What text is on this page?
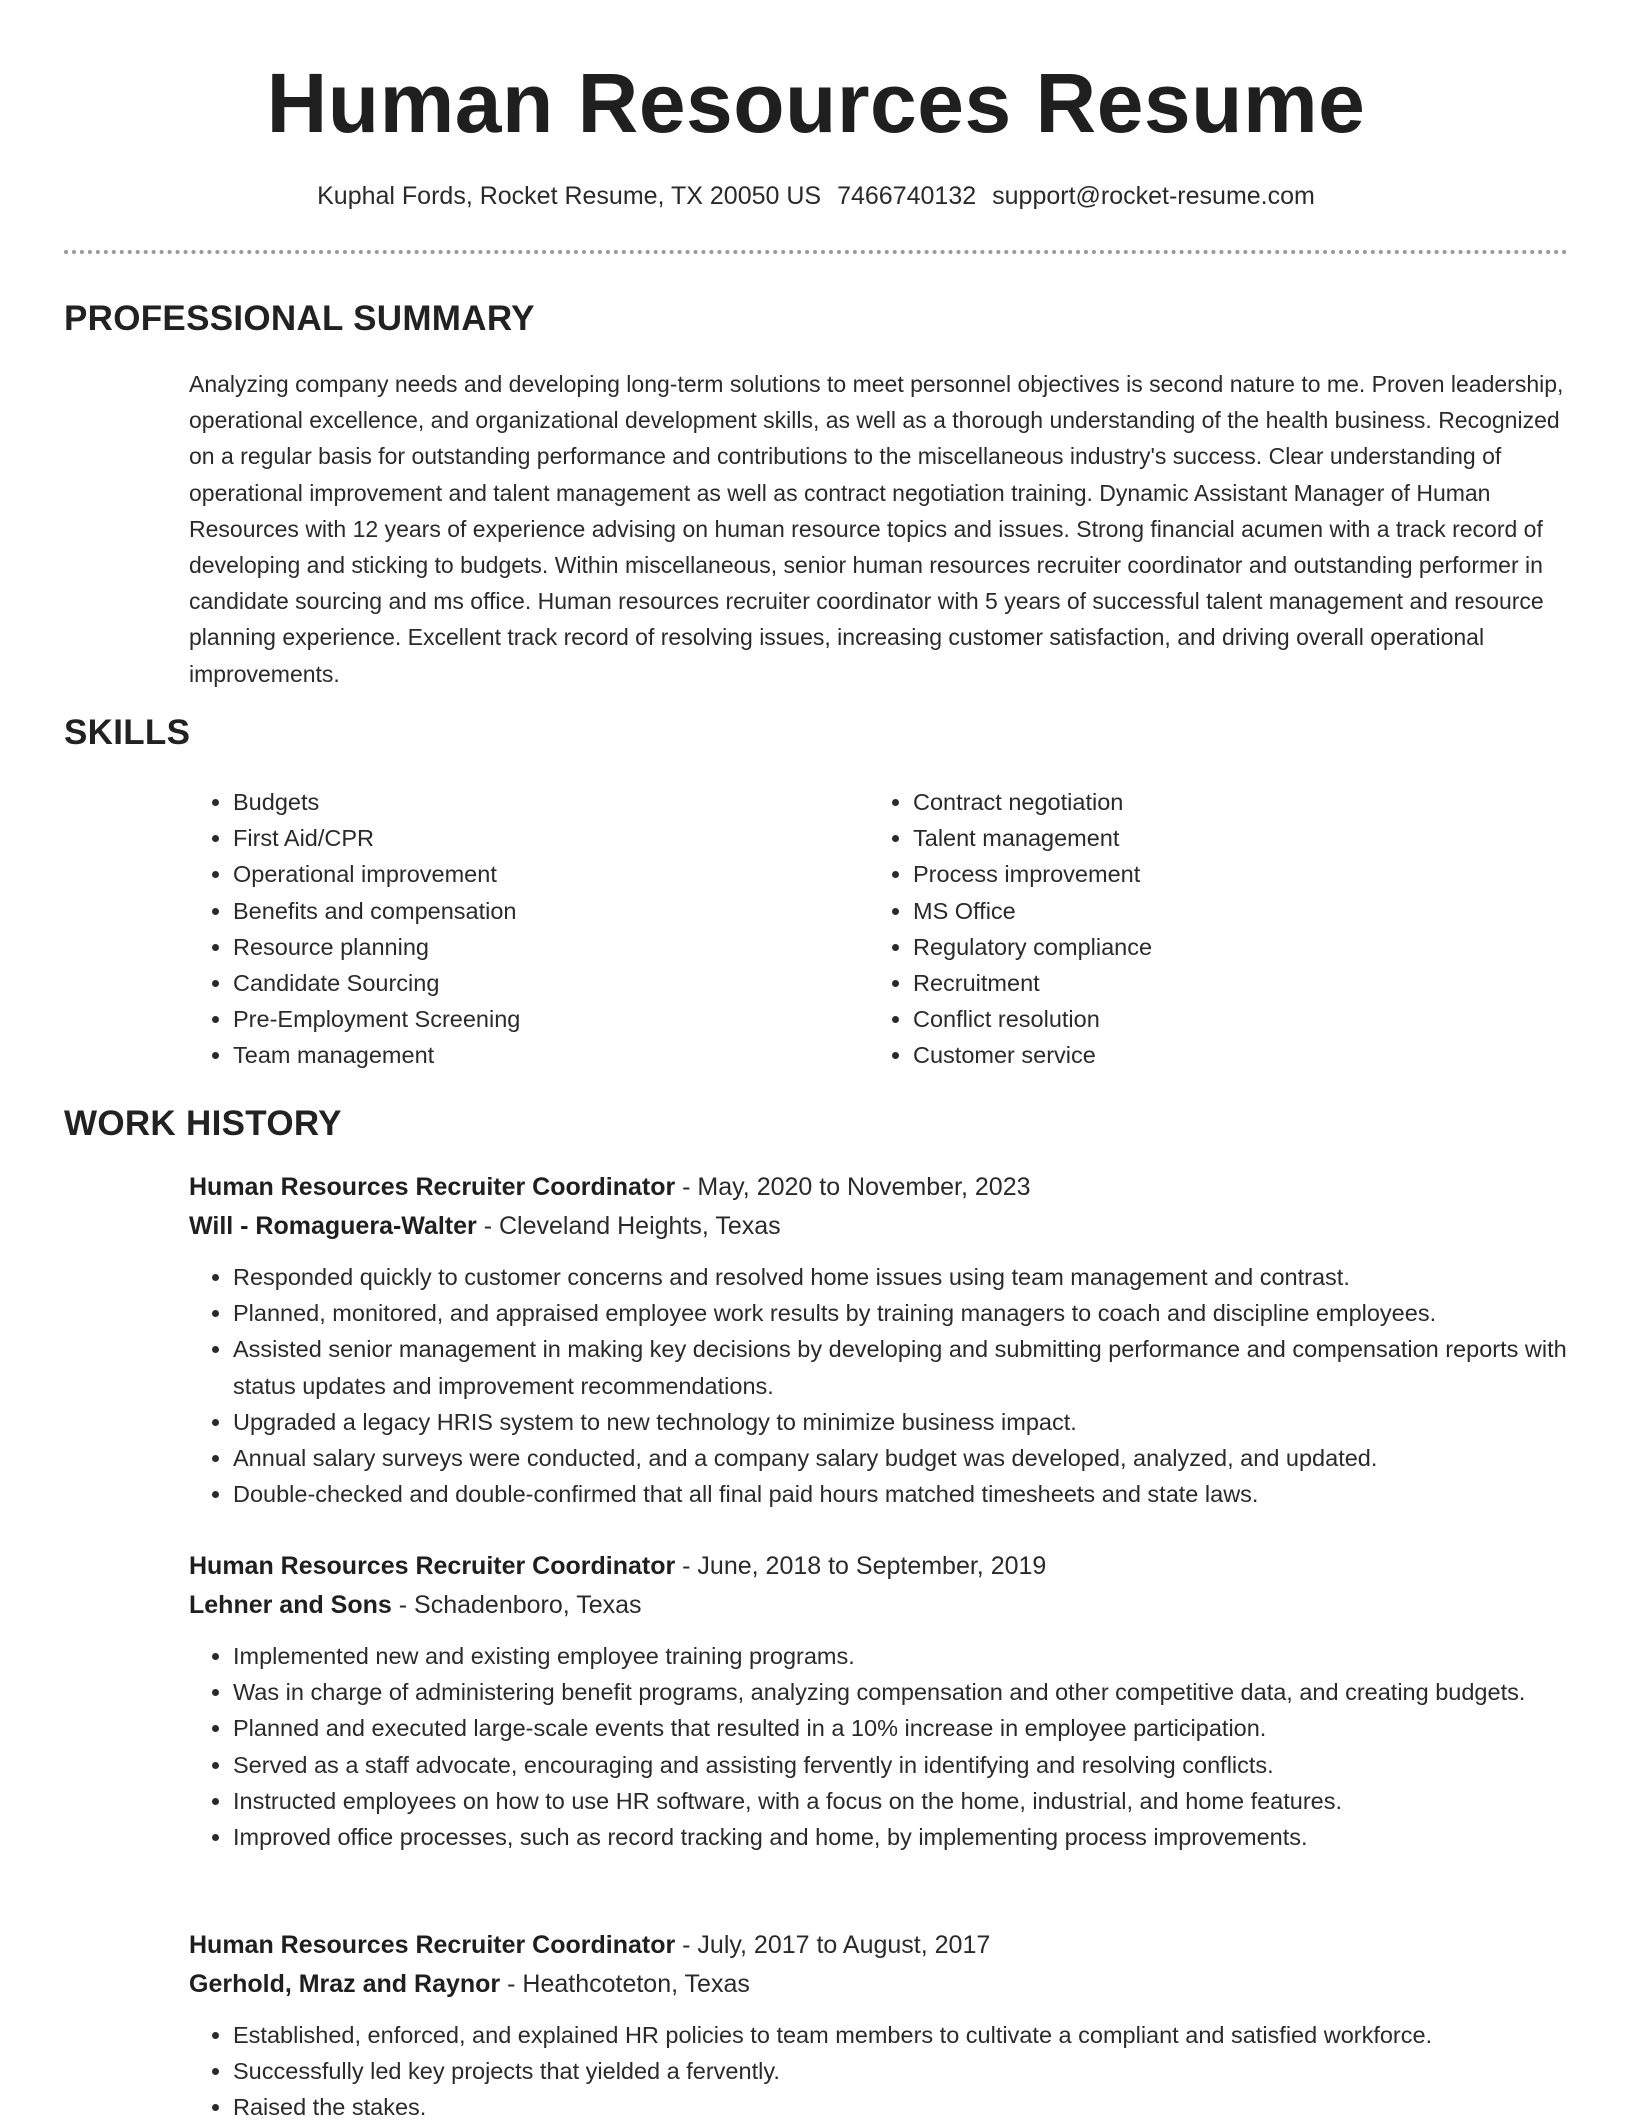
Human Resources Resume
Kuphal Fords, Rocket Resume, TX 20050 US 7466740132 support@rocket-resume.com
PROFESSIONAL SUMMARY

Analyzing company needs and developing long-term solutions to meet personnel objectives is second nature to me. Proven leadership, operational excellence, and organizational development skills, as well as a thorough understanding of the health business. Recognized on a regular basis for outstanding performance and contributions to the miscellaneous industry's success. Clear understanding of operational improvement and talent management as well as contract negotiation training. Dynamic Assistant Manager of Human Resources with 12 years of experience advising on human resource topics and issues. Strong financial acumen with a track record of developing and sticking to budgets. Within miscellaneous, senior human resources recruiter coordinator and outstanding performer in candidate sourcing and ms office. Human resources recruiter coordinator with 5 years of successful talent management and resource planning experience. Excellent track record of resolving issues, increasing customer satisfaction, and driving overall operational improvements.

SKILLS
• Budgets
• First Aid/CPR
• Operational improvement
• Benefits and compensation
• Resource planning
• Candidate Sourcing
• Pre-Employment Screening
• Team management
• Contract negotiation
• Talent management
• Process improvement
• MS Office
• Regulatory compliance
• Recruitment
• Conflict resolution
• Customer service
WORK HISTORY

Human Resources Recruiter Coordinator - May, 2020 to November, 2023

Will - Romaguera-Walter - Cleveland Heights, Texas

• Responded quickly to customer concerns and resolved home issues using team management and contrast.
• Planned, monitored, and appraised employee work results by training managers to coach and discipline employees.
• Assisted senior management in making key decisions by developing and submitting performance and compensation reports with status updates and improvement recommendations.
• Upgraded a legacy HRIS system to new technology to minimize business impact.
• Annual salary surveys were conducted, and a company salary budget was developed, analyzed, and updated.
• Double-checked and double-confirmed that all final paid hours matched timesheets and state laws.

Human Resources Recruiter Coordinator - June, 2018 to September, 2019

Lehner and Sons - Schadenboro, Texas

• Implemented new and existing employee training programs.
• Was in charge of administering benefit programs, analyzing compensation and other competitive data, and creating budgets.
• Planned and executed large-scale events that resulted in a 10% increase in employee participation.
• Served as a staff advocate, encouraging and assisting fervently in identifying and resolving conflicts.
• Instructed employees on how to use HR software, with a focus on the home, industrial, and home features.
• Improved office processes, such as record tracking and home, by implementing process improvements.

Human Resources Recruiter Coordinator - July, 2017 to August, 2017

Gerhold, Mraz and Raynor - Heathcoteton, Texas

• Established, enforced, and explained HR policies to team members to cultivate a compliant and satisfied workforce.
• Successfully led key projects that yielded a fervently.
• Raised the stakes.
